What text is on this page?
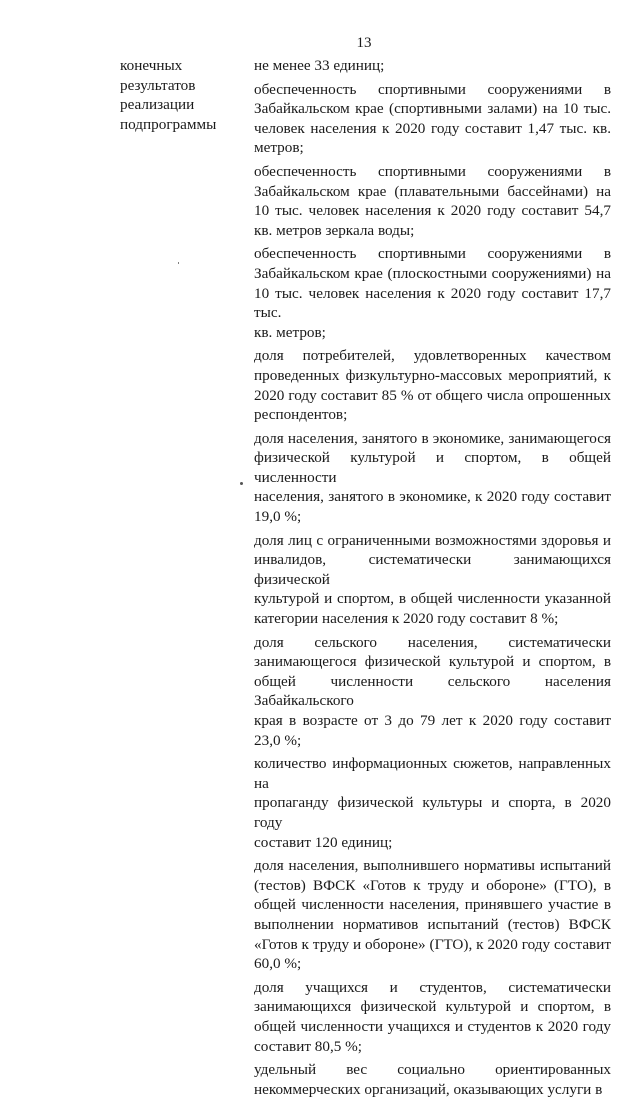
13
конечных
результатов
реализации
подпрограммы
не менее 33 единиц;
обеспеченность спортивными сооружениями в
Забайкальском крае (спортивными залами) на 10 тыс.
человек населения к 2020 году составит 1,47 тыс. кв.
метров;
обеспеченность спортивными сооружениями в
Забайкальском крае (плавательными бассейнами) на
10 тыс. человек населения к 2020 году составит 54,7
кв. метров зеркала воды;
обеспеченность спортивными сооружениями в
Забайкальском крае (плоскостными сооружениями) на
10 тыс. человек населения к 2020 году составит 17,7 тыс.
кв. метров;
доля потребителей, удовлетворенных качеством
проведенных физкультурно-массовых мероприятий, к
2020 году составит 85 % от общего числа опрошенных
респондентов;
доля населения, занятого в экономике, занимающегося
физической культурой и спортом, в общей численности
населения, занятого в экономике, к 2020 году составит
19,0 %;
доля лиц с ограниченными возможностями здоровья и
инвалидов, систематически занимающихся физической
культурой и спортом, в общей численности указанной
категории населения к 2020 году составит 8 %;
доля сельского населения, систематически
занимающегося физической культурой и спортом, в
общей численности сельского населения Забайкальского
края в возрасте от 3 до 79 лет к 2020 году составит
23,0 %;
количество информационных сюжетов, направленных на
пропаганду физической культуры и спорта, в 2020 году
составит 120 единиц;
доля населения, выполнившего нормативы испытаний
(тестов) ВФСК «Готов к труду и обороне» (ГТО), в
общей численности населения, принявшего участие в
выполнении нормативов испытаний (тестов) ВФСК
«Готов к труду и обороне» (ГТО), к 2020 году составит
60,0 %;
доля учащихся и студентов, систематически
занимающихся физической культурой и спортом, в
общей численности учащихся и студентов к 2020 году
составит 80,5 %;
удельный вес социально ориентированных
некоммерческих организаций, оказывающих услуги в
